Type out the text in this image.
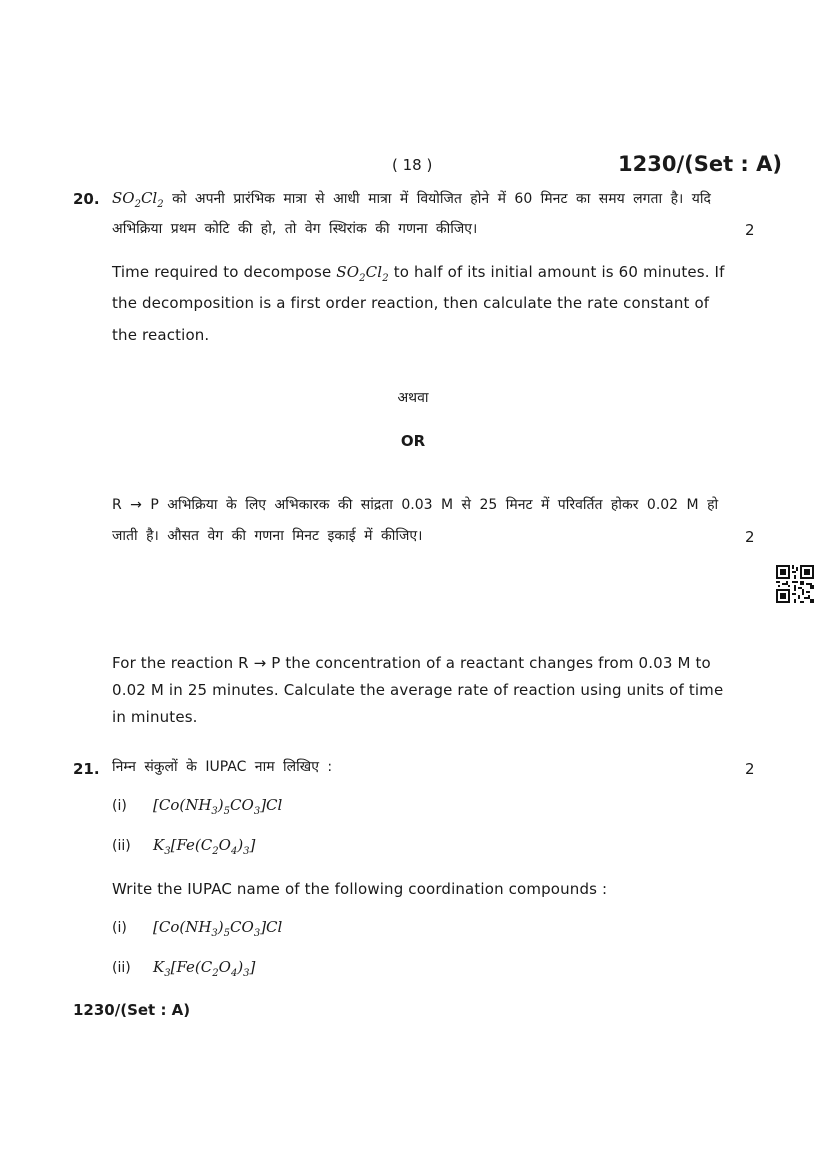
( 18 )	1230/(Set : A)
20. $SO_2Cl_2$ को अपनी प्रारंभिक मात्रा से आधी मात्रा में वियोजित होने में 60 मिनट का समय लगता है। यदि
अभिक्रिया प्रथम कोटि की हो, तो वेग स्थिरांक की गणना कीजिए।	2
Time required to decompose $SO_2Cl_2$ to half of its initial amount is 60 minutes. If
the decomposition is a first order reaction, then calculate the rate constant of
the reaction.
अथवा
OR
R → P अभिक्रिया के लिए अभिकारक की सांद्रता 0.03 M से 25 मिनट में परिवर्तित होकर 0.02 M हो
जाती है। औसत वेग की गणना मिनट इकाई में कीजिए।	2
For the reaction R → P the concentration of a reactant changes from 0.03 M to
0.02 M in 25 minutes. Calculate the average rate of reaction using units of time
in minutes.
21. निम्न संकुलों के IUPAC नाम लिखिए :	2
(i) $[Co(NH_3)_5CO_3]Cl$
(ii) $K_3[Fe(C_2O_4)_3]$
Write the IUPAC name of the following coordination compounds :
(i) $[Co(NH_3)_5CO_3]Cl$
(ii) $K_3[Fe(C_2O_4)_3]$
1230/(Set : A)
